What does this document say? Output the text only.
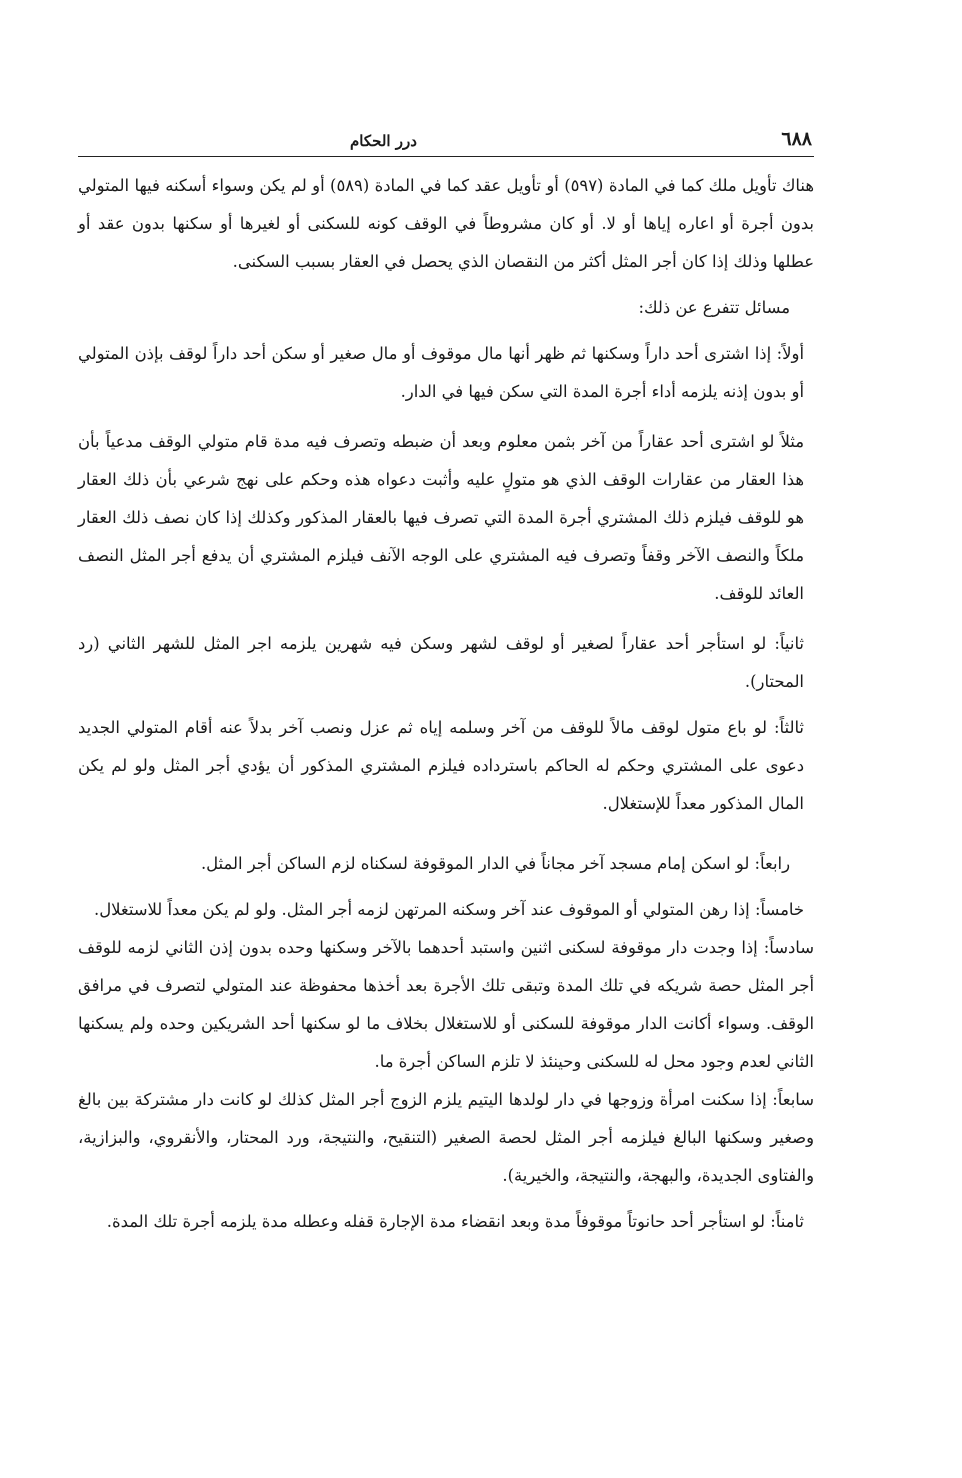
٦٨٨
درر الحكام

هناك تأويل ملك كما في المادة (٥٩٧) أو تأويل عقد كما في المادة (٥٨٩) أو لم يكن وسواء أسكنه فيها المتولي بدون أجرة أو اعاره إياها أو لا. أو كان مشروطاً في الوقف كونه للسكنى أو لغيرها أو سكنها بدون عقد أو عطلها وذلك إذا كان أجر المثل أكثر من النقصان الذي يحصل في العقار بسبب السكنى.

مسائل تتفرع عن ذلك:

أولاً: إذا اشترى أحد داراً وسكنها ثم ظهر أنها مال موقوف أو مال صغير أو سكن أحد داراً لوقف بإذن المتولي أو بدون إذنه يلزمه أداء أجرة المدة التي سكن فيها في الدار.

مثلاً لو اشترى أحد عقاراً من آخر بثمن معلوم وبعد أن ضبطه وتصرف فيه مدة قام متولي الوقف مدعياً بأن هذا العقار من عقارات الوقف الذي هو متولٍ عليه وأثبت دعواه هذه وحكم على نهج شرعي بأن ذلك العقار هو للوقف فيلزم ذلك المشتري أجرة المدة التي تصرف فيها بالعقار المذكور وكذلك إذا كان نصف ذلك العقار ملكاً والنصف الآخر وقفاً وتصرف فيه المشتري على الوجه الآنف فيلزم المشتري أن يدفع أجر المثل النصف العائد للوقف.

ثانياً: لو استأجر أحد عقاراً لصغير أو لوقف لشهر وسكن فيه شهرين يلزمه اجر المثل للشهر الثاني (رد المحتار).

ثالثاً: لو باع متول لوقف مالاً للوقف من آخر وسلمه إياه ثم عزل ونصب آخر بدلاً عنه أقام المتولي الجديد دعوى على المشتري وحكم له الحاكم باسترداده فيلزم المشتري المذكور أن يؤدي أجر المثل ولو لم يكن المال المذكور معداً للإستغلال.

رابعاً: لو اسكن إمام مسجد آخر مجاناً في الدار الموقوفة لسكناه لزم الساكن أجر المثل.

خامساً: إذا رهن المتولي أو الموقوف عند آخر وسكنه المرتهن لزمه أجر المثل. ولو لم يكن معداً للاستغلال.

سادساً: إذا وجدت دار موقوفة لسكنى اثنين واستبد أحدهما بالآخر وسكنها وحده بدون إذن الثاني لزمه للوقف أجر المثل حصة شريكه في تلك المدة وتبقى تلك الأجرة بعد أخذها محفوظة عند المتولي لتصرف في مرافق الوقف. وسواء أكانت الدار موقوفة للسكنى أو للاستغلال بخلاف ما لو سكنها أحد الشريكين وحده ولم يسكنها الثاني لعدم وجود محل له للسكنى وحينئذ لا تلزم الساكن أجرة ما.

سابعاً: إذا سكنت امرأة وزوجها في دار لولدها اليتيم يلزم الزوج أجر المثل كذلك لو كانت دار مشتركة بين بالغ وصغير وسكنها البالغ فيلزمه أجر المثل لحصة الصغير (التنقيح، والنتيجة، ورد المحتار، والأنقروي، والبزازية، والفتاوى الجديدة، والبهجة، والنتيجة، والخيرية).

ثامناً: لو استأجر أحد حانوتاً موقوفاً مدة وبعد انقضاء مدة الإجارة قفله وعطله مدة يلزمه أجرة تلك المدة.
